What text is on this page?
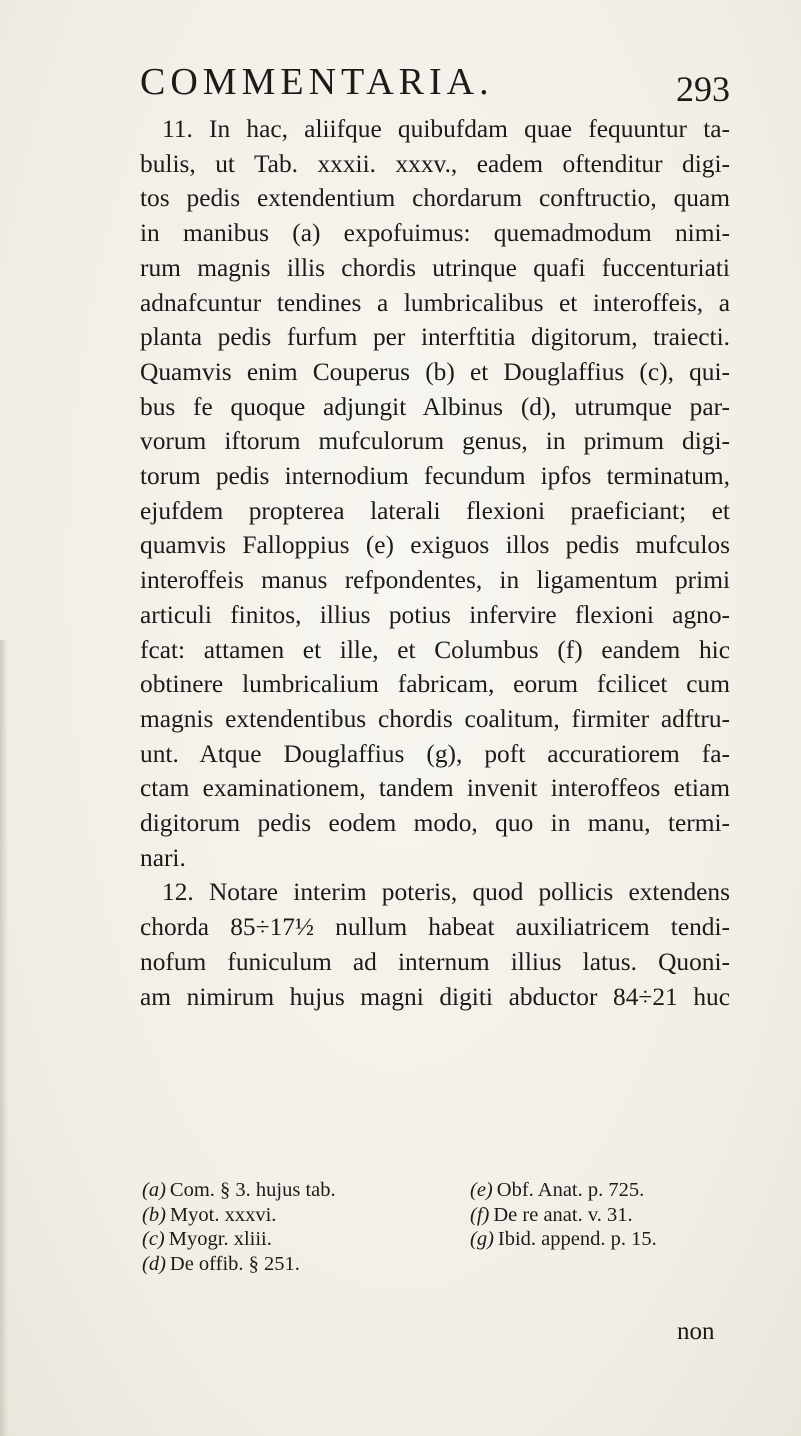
COMMENTARIA.	293

11. In hac, aliifque quibufdam quae fequuntur ta-
bulis, ut Tab. xxxii. xxxv., eadem oftenditur digi-
tos pedis extendentium chordarum conftructio, quam
in manibus (a) expofuimus: quemadmodum nimi-
rum magnis illis chordis utrinque quafi fuccenturiati
adnafcuntur tendines a lumbricalibus et interoffeis, a
planta pedis furfum per interftitia digitorum, traiecti.
Quamvis enim Couperus (b) et Douglaffius (c), qui-
bus fe quoque adjungit Albinus (d), utrumque par-
vorum iftorum mufculorum genus, in primum digi-
torum pedis internodium fecundum ipfos terminatum,
ejufdem propterea laterali flexioni praeficiant; et
quamvis Falloppius (e) exiguos illos pedis mufculos
interoffeis manus refpondentes, in ligamentum primi
articuli finitos, illius potius infervire flexioni agno-
fcat: attamen et ille, et Columbus (f) eandem hic
obtinere lumbricalium fabricam, eorum fcilicet cum
magnis extendentibus chordis coalitum, firmiter adftru-
unt. Atque Douglaffius (g), poft accuratiorem fa-
ctam examinationem, tandem invenit interoffeos etiam
digitorum pedis eodem modo, quo in manu, termi-
nari.

12. Notare interim poteris, quod pollicis extendens
chorda 85÷17½ nullum habeat auxiliatricem tendi-
nofum funiculum ad internum illius latus. Quoni-
am nimirum hujus magni digiti abductor 84÷21 huc

(a) Com. § 3. hujus tab.
(b) Myot. xxxvi.
(c) Myogr. xliii.
(d) De offib. § 251.
(e) Obf. Anat. p. 725.
(f) De re anat. v. 31.
(g) Ibid. append. p. 15.
non
